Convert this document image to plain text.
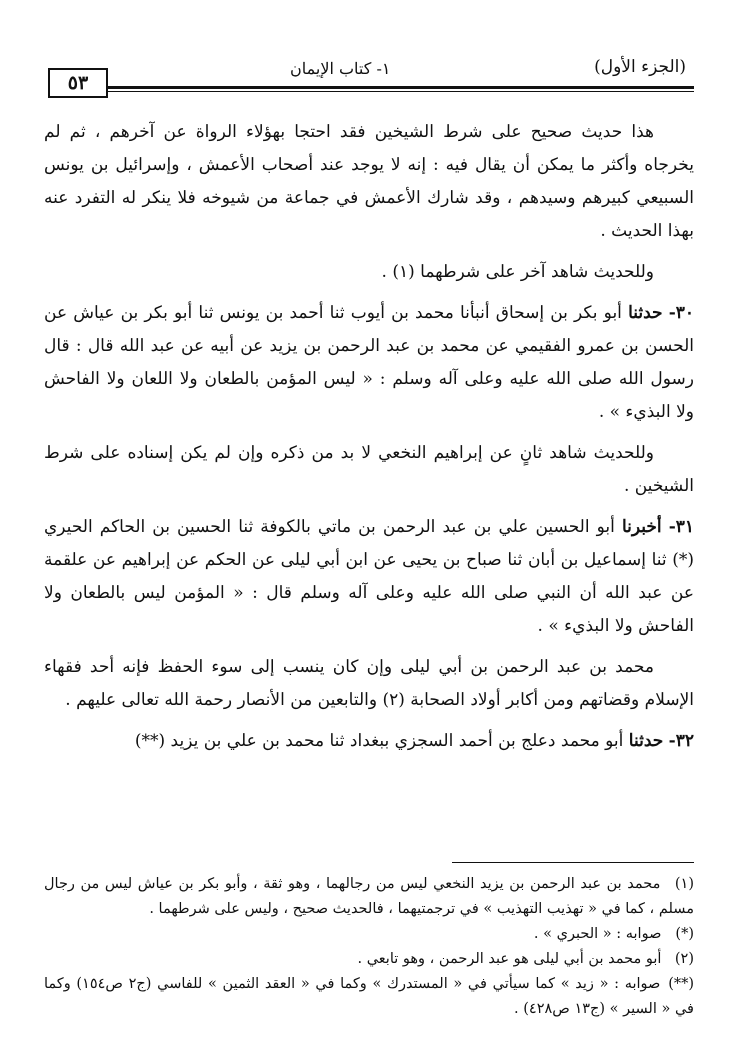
(الجزء الأول)
١- كتاب الإيمان
٥٣

هذا حديث صحيح على شرط الشيخين فقد احتجا بهؤلاء الرواة عن آخرهم ، ثم لم يخرجاه وأكثر ما يمكن أن يقال فيه : إنه لا يوجد عند أصحاب الأعمش ، وإسرائيل بن يونس السبيعي كبيرهم وسيدهم ، وقد شارك الأعمش في جماعة من شيوخه فلا ينكر له التفرد عنه بهذا الحديث .

وللحديث شاهد آخر على شرطهما (١) .

٣٠- حدثنا أبو بكر بن إسحاق أنبأنا محمد بن أيوب ثنا أحمد بن يونس ثنا أبو بكر بن عياش عن الحسن بن عمرو الفقيمي عن محمد بن عبد الرحمن بن يزيد عن أبيه عن عبد الله قال : قال رسول الله صلى الله عليه وعلى آله وسلم : « ليس المؤمن بالطعان ولا اللعان ولا الفاحش ولا البذيء » .

وللحديث شاهد ثانٍ عن إبراهيم النخعي لا بد من ذكره وإن لم يكن إسناده على شرط الشيخين .

٣١- أخبرنا أبو الحسين علي بن عبد الرحمن بن ماتي بالكوفة ثنا الحسين بن الحاكم الحيري (*) ثنا إسماعيل بن أبان ثنا صباح بن يحيى عن ابن أبي ليلى عن الحكم عن إبراهيم عن علقمة عن عبد الله أن النبي صلى الله عليه وعلى آله وسلم قال : « المؤمن ليس بالطعان ولا الفاحش ولا البذيء » .

محمد بن عبد الرحمن بن أبي ليلى وإن كان ينسب إلى سوء الحفظ فإنه أحد فقهاء الإسلام وقضاتهم ومن أكابر أولاد الصحابة (٢) والتابعين من الأنصار رحمة الله تعالى عليهم .

٣٢- حدثنا أبو محمد دعلج بن أحمد السجزي ببغداد ثنا محمد بن علي بن يزيد (**)

(١) محمد بن عبد الرحمن بن يزيد النخعي ليس من رجالهما ، وهو ثقة ، وأبو بكر بن عياش ليس من رجال مسلم ، كما في « تهذيب التهذيب » في ترجمتيهما ، فالحديث صحيح ، وليس على شرطهما .
(*) صوابه : « الحبري » .
(٢) أبو محمد بن أبي ليلى هو عبد الرحمن ، وهو تابعي .
(**) صوابه : « زيد » كما سيأتي في « المستدرك » وكما في « العقد الثمين » للفاسي (ج٢ ص١٥٤) وكما في « السير » (ج١٣ ص٤٢٨) .
